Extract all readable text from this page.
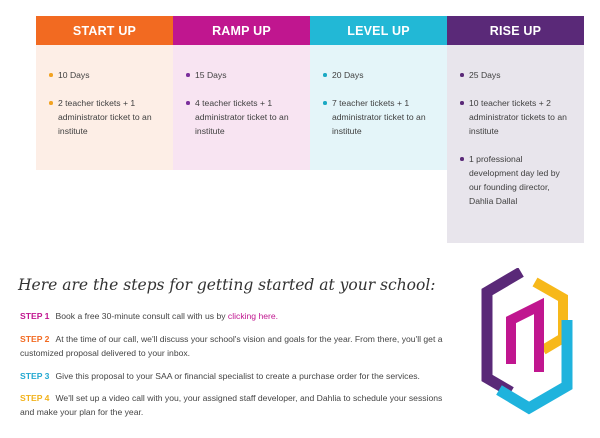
START UP
10 Days
2 teacher tickets + 1 administrator ticket to an institute
RAMP UP
15 Days
4 teacher tickets + 1 administrator ticket to an institute
LEVEL UP
20 Days
7 teacher tickets + 1 administrator ticket to an institute
RISE UP
25 Days
10 teacher tickets + 2 administrator tickets to an institute
1 professional development day led by our founding director, Dahlia Dallal
Here are the steps for getting started at your school:
STEP 1 Book a free 30-minute consult call with us by clicking here.
STEP 2 At the time of our call, we'll discuss your school's vision and goals for the year. From there, you'll get a customized proposal delivered to your inbox.
STEP 3 Give this proposal to your SAA or financial specialist to create a purchase order for the services.
STEP 4 We'll set up a video call with you, your assigned staff developer, and Dahlia to schedule your sessions and make your plan for the year.
